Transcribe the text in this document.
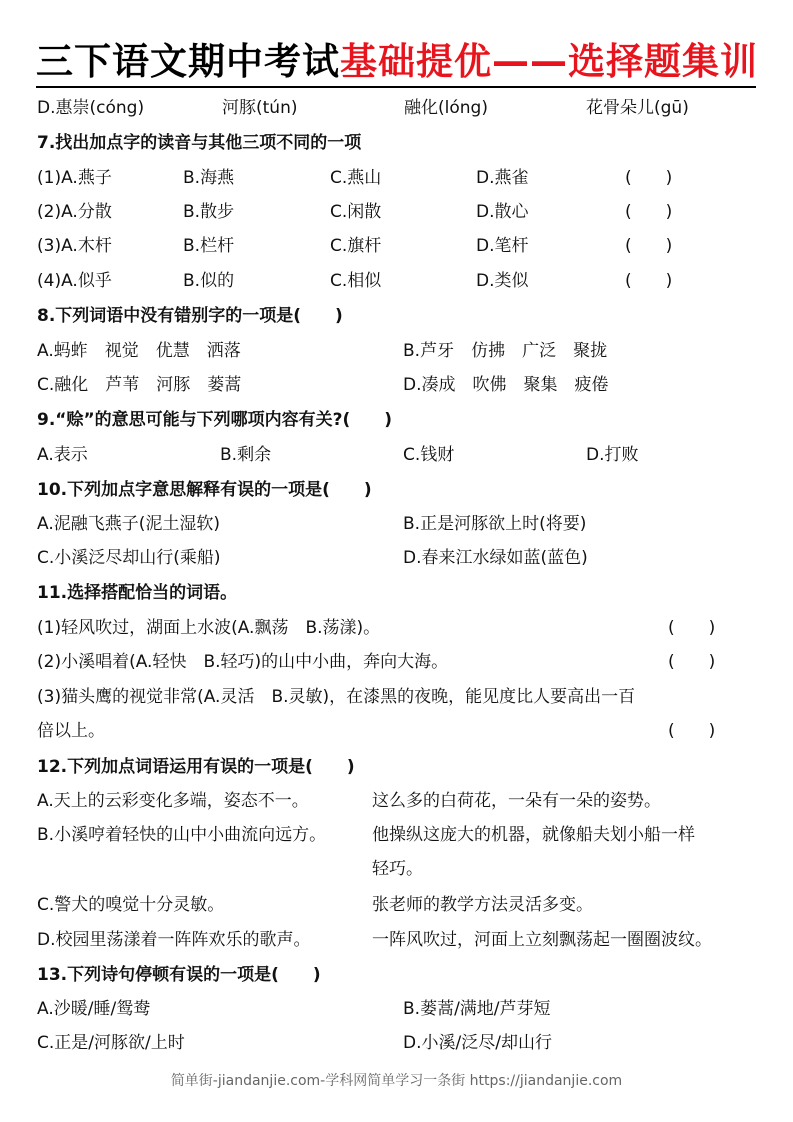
三下语文期中考试基础提优——选择题集训
D.惠崇(cóng)	河豚(tún)	融化(lóng)	花骨朵儿(gū)
7.找出加点字的读音与其他三项不同的一项
(1)A.燕子	B.海燕	C.燕山	D.燕雀	(　　)
(2)A.分散	B.散步	C.闲散	D.散心	(　　)
(3)A.木杆	B.栏杆	C.旗杆	D.笔杆	(　　)
(4)A.似乎	B.似的	C.相似	D.类似	(　　)
8.下列词语中没有错别字的一项是(　　)
A.蚂蚱　视觉　优慧　洒落	B.芦牙　仿拂　广泛　聚拢
C.融化　芦苇　河豚　蒌蒿	D.凑成　吹佛　聚集　疲倦
9.“赊”的意思可能与下列哪项内容有关?(　　)
A.表示	B.剩余	C.钱财	D.打败
10.下列加点字意思解释有误的一项是(　　)
A.泥融飞燕子(泥土湿软)	B.正是河豚欲上时(将要)
C.小溪泛尽却山行(乘船)	D.春来江水绿如蓝(蓝色)
11.选择搭配恰当的词语。
(1)轻风吹过，湖面上水波(A.飘荡　B.荡漾)。	(　　)
(2)小溪唱着(A.轻快　B.轻巧)的山中小曲，奔向大海。	(　　)
(3)猫头鹰的视觉非常(A.灵活　B.灵敏)，在漆黑的夜晚，能见度比人要高出一百
倍以上。	(　　)
12.下列加点词语运用有误的一项是(　　)
A.天上的云彩变化多端，姿态不一。	这么多的白荷花，一朵有一朵的姿势。
B.小溪哼着轻快的山中小曲流向远方。	他操纵这庞大的机器，就像船夫划小船一样
轻巧。
C.警犬的嗅觉十分灵敏。	张老师的教学方法灵活多变。
D.校园里荡漾着一阵阵欢乐的歌声。	一阵风吹过，河面上立刻飘荡起一圈圈波纹。
13.下列诗句停顿有误的一项是(　　)
A.沙暖/睡/鸳鸯	B.蒌蒿/满地/芦芽短
C.正是/河豚欲/上时	D.小溪/泛尽/却山行
简单街-jiandanjie.com-学科网简单学习一条街 https://jiandanjie.com
